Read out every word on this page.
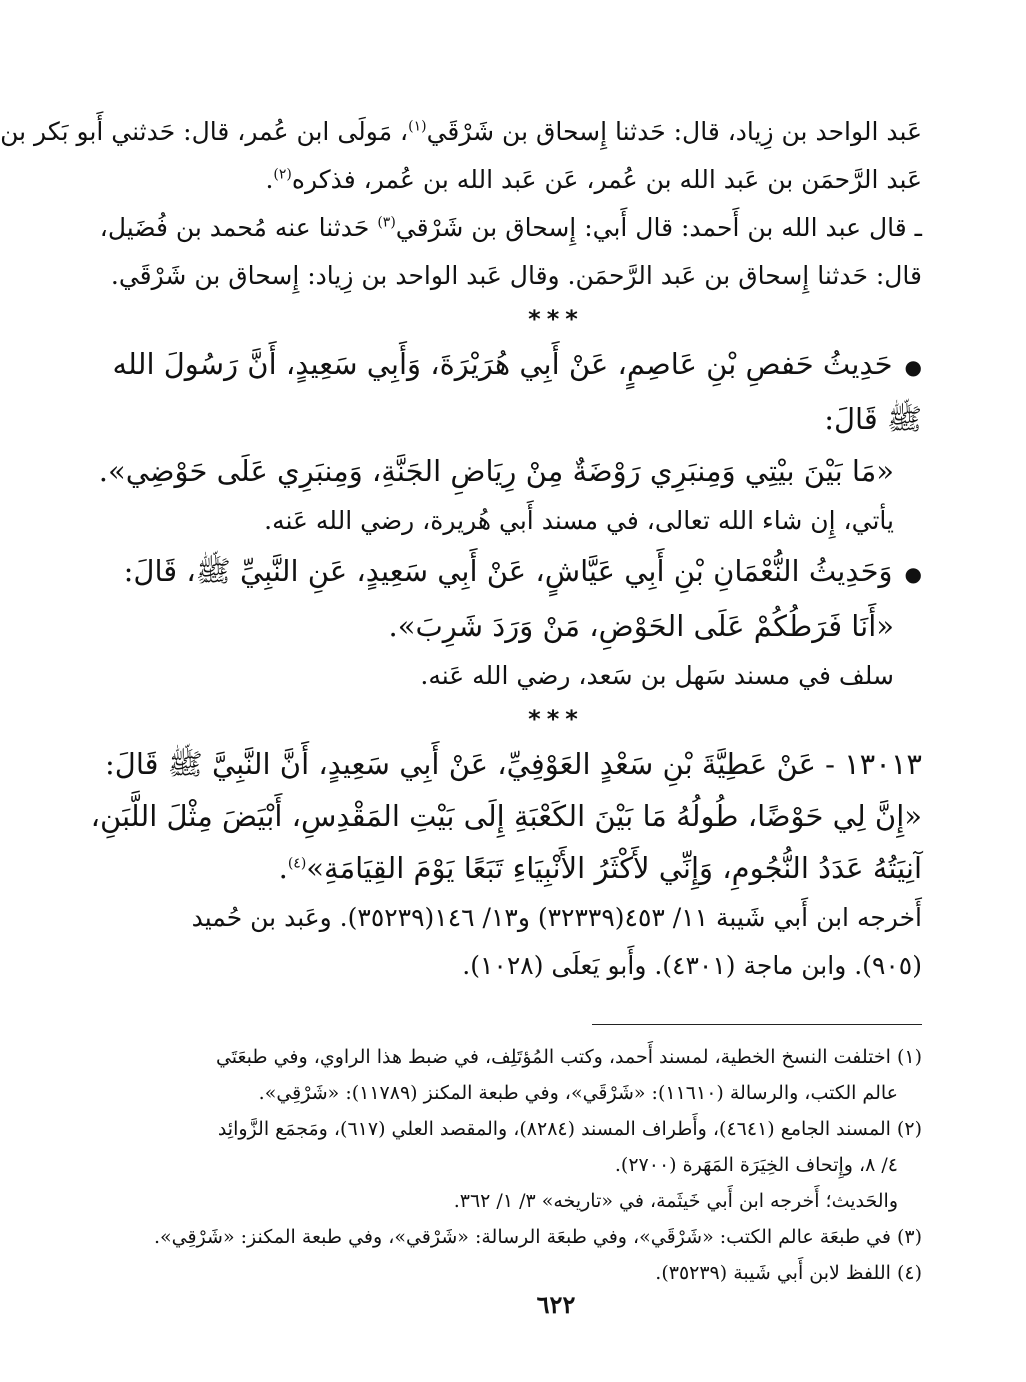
عَبد الواحد بن زِياد، قال: حَدثنا إِسحاق بن شَرْقَي$^{(١)}$، مَولَى ابن عُمر، قال: حَدثني أَبو بَكر بن

عَبد الرَّحمَن بن عَبد الله بن عُمر، عَن عَبد الله بن عُمر، فذكره$^{(٢)}$.

ـ قال عبد الله بن أَحمد: قال أَبي: إِسحاق بن شَرْقي$^{(٣)}$ حَدثنا عنه مُحمد بن فُضَيل،

قال: حَدثنا إِسحاق بن عَبد الرَّحمَن. وقال عَبد الواحد بن زِياد: إِسحاق بن شَرْقَي.

***

● حَدِيثُ حَفصِ بْنِ عَاصِمٍ، عَنْ أَبِي هُرَيْرَةَ، وَأَبِي سَعِيدٍ، أَنَّ رَسُولَ الله

ﷺ قَالَ:

«مَا بَيْنَ بيْتِي وَمِنبَرِي رَوْضَةٌ مِنْ رِيَاضِ الجَنَّةِ، وَمِنبَرِي عَلَى حَوْضِي».

يأتي، إِن شاء الله تعالى، في مسند أَبي هُريرة، رضي الله عَنه.

● وَحَدِيثُ النُّعْمَانِ بْنِ أَبِي عَيَّاشٍ، عَنْ أَبِي سَعِيدٍ، عَنِ النَّبِيِّ ﷺ، قَالَ:

«أَنَا فَرَطُكُمْ عَلَى الحَوْضِ، مَنْ وَرَدَ شَرِبَ».

سلف في مسند سَهل بن سَعد، رضي الله عَنه.

***

١٣٠١٣ - عَنْ عَطِيَّةَ بْنِ سَعْدٍ العَوْفِيِّ، عَنْ أَبِي سَعِيدٍ، أَنَّ النَّبِيَّ ﷺ قَالَ:

«إِنَّ لِي حَوْضًا، طُولُهُ مَا بَيْنَ الكَعْبَةِ إِلَى بَيْتِ المَقْدِسِ، أَبْيَضَ مِثْلَ اللَّبَنِ،

آنِيَتُهُ عَدَدُ النُّجُومِ، وَإِنِّي لأَكْثَرُ الأَنْبِيَاءِ تَبَعًا يَوْمَ القِيَامَةِ»$^{(٤)}$.

أَخرجه ابن أَبي شَيبة ١١/ ٤٥٣(٣٢٣٣٩) و١٣/ ١٤٦(٣٥٢٣٩). وعَبد بن حُميد

(٩٠٥). وابن ماجة (٤٣٠١). وأَبو يَعلَى (١٠٢٨).

(١) اختلفت النسخ الخطية، لمسند أَحمد، وكتب المُؤتَلِف، في ضبط هذا الراوي، وفي طبعَتَي

عالم الكتب، والرسالة (١١٦١٠): «شَرْقَي»، وفي طبعة المكنز (١١٧٨٩): «شَرْقِي».

(٢) المسند الجامع (٤٦٤١)، وأَطراف المسند (٨٢٨٤)، والمقصد العلي (٦١٧)، ومَجمَع الزَّوائِد

٤/ ٨، وإِتحاف الخِيَرَة المَهَرة (٢٧٠٠).

والحَديث؛ أَخرجه ابن أَبي خَيثَمة، في «تاريخه» ٣/ ١/ ٣٦٢.

(٣) في طبعَة عالم الكتب: «شَرْقَي»، وفي طبعَة الرسالة: «شَرْقي»، وفي طبعة المكنز: «شَرْقِي».

(٤) اللفظ لابن أَبي شَيبة (٣٥٢٣٩).

٦٢٢
